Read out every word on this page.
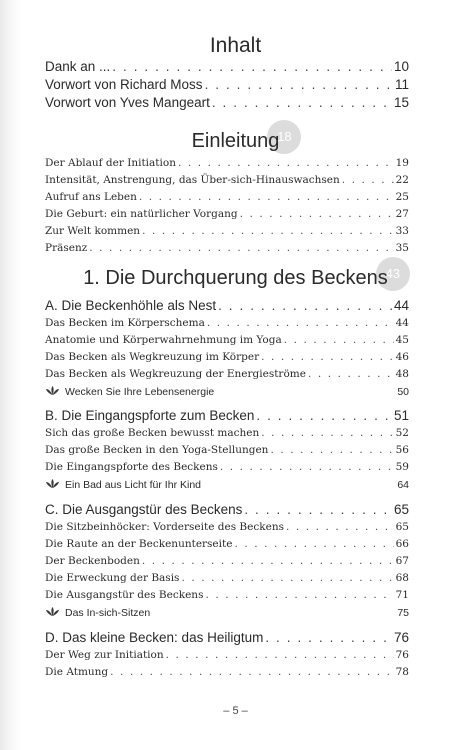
Inhalt
Dank an ... . . .	10
Vorwort von Richard Moss . . .	11
Vorwort von Yves Mangeart . . .	15
Einleitung
18
Der Ablauf der Initiation . . .	19
Intensität, Anstrengung, das Über-sich-Hinauswachsen . . .	22
Aufruf ans Leben . . .	25
Die Geburt: ein natürlicher Vorgang . . .	27
Zur Welt kommen . . .	33
Präsenz . . .	35
1. Die Durchquerung des Beckens
43
A. Die Beckenhöhle als Nest . . .	44
Das Becken im Körperschema . . .	44
Anatomie und Körperwahrnehmung im Yoga . . .	45
Das Becken als Wegkreuzung im Körper . . .	46
Das Becken als Wegkreuzung der Energieströme . . .	48
Wecken Sie Ihre Lebensenergie	50
B. Die Eingangspforte zum Becken . . .	51
Sich das große Becken bewusst machen . . .	52
Das große Becken in den Yoga-Stellungen . . .	56
Die Eingangspforte des Beckens . . .	59
Ein Bad aus Licht für Ihr Kind	64
C. Die Ausgangstür des Beckens . . .	65
Die Sitzbeinhöcker: Vorderseite des Beckens . . .	65
Die Raute an der Beckenunterseite . . .	66
Der Beckenboden . . .	67
Die Erweckung der Basis . . .	68
Die Ausgangstür des Beckens . . .	71
Das In-sich-Sitzen	75
D. Das kleine Becken: das Heiligtum . . .	76
Der Weg zur Initiation . . .	76
Die Atmung . . .	78
– 5 –
